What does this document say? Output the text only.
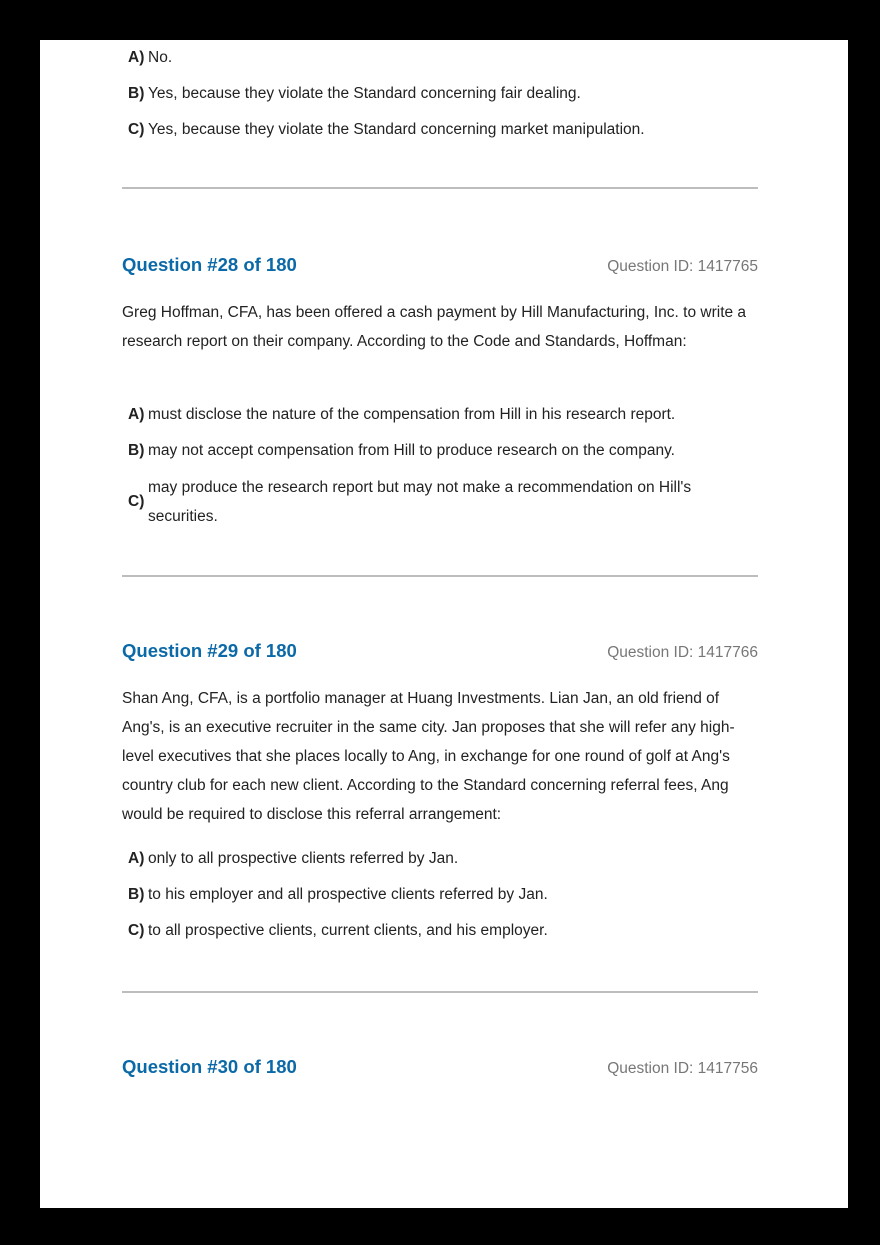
A)	No.
B)	Yes, because they violate the Standard concerning fair dealing.
C)	Yes, because they violate the Standard concerning market manipulation.
Question #28 of 180	Question ID: 1417765
Greg Hoffman, CFA, has been offered a cash payment by Hill Manufacturing, Inc. to write a research report on their company. According to the Code and Standards, Hoffman:
A)	must disclose the nature of the compensation from Hill in his research report.
B)	may not accept compensation from Hill to produce research on the company.
C)	may produce the research report but may not make a recommendation on Hill's securities.
Question #29 of 180	Question ID: 1417766
Shan Ang, CFA, is a portfolio manager at Huang Investments. Lian Jan, an old friend of Ang's, is an executive recruiter in the same city. Jan proposes that she will refer any high-level executives that she places locally to Ang, in exchange for one round of golf at Ang's country club for each new client. According to the Standard concerning referral fees, Ang would be required to disclose this referral arrangement:
A)	only to all prospective clients referred by Jan.
B)	to his employer and all prospective clients referred by Jan.
C)	to all prospective clients, current clients, and his employer.
Question #30 of 180	Question ID: 1417756
